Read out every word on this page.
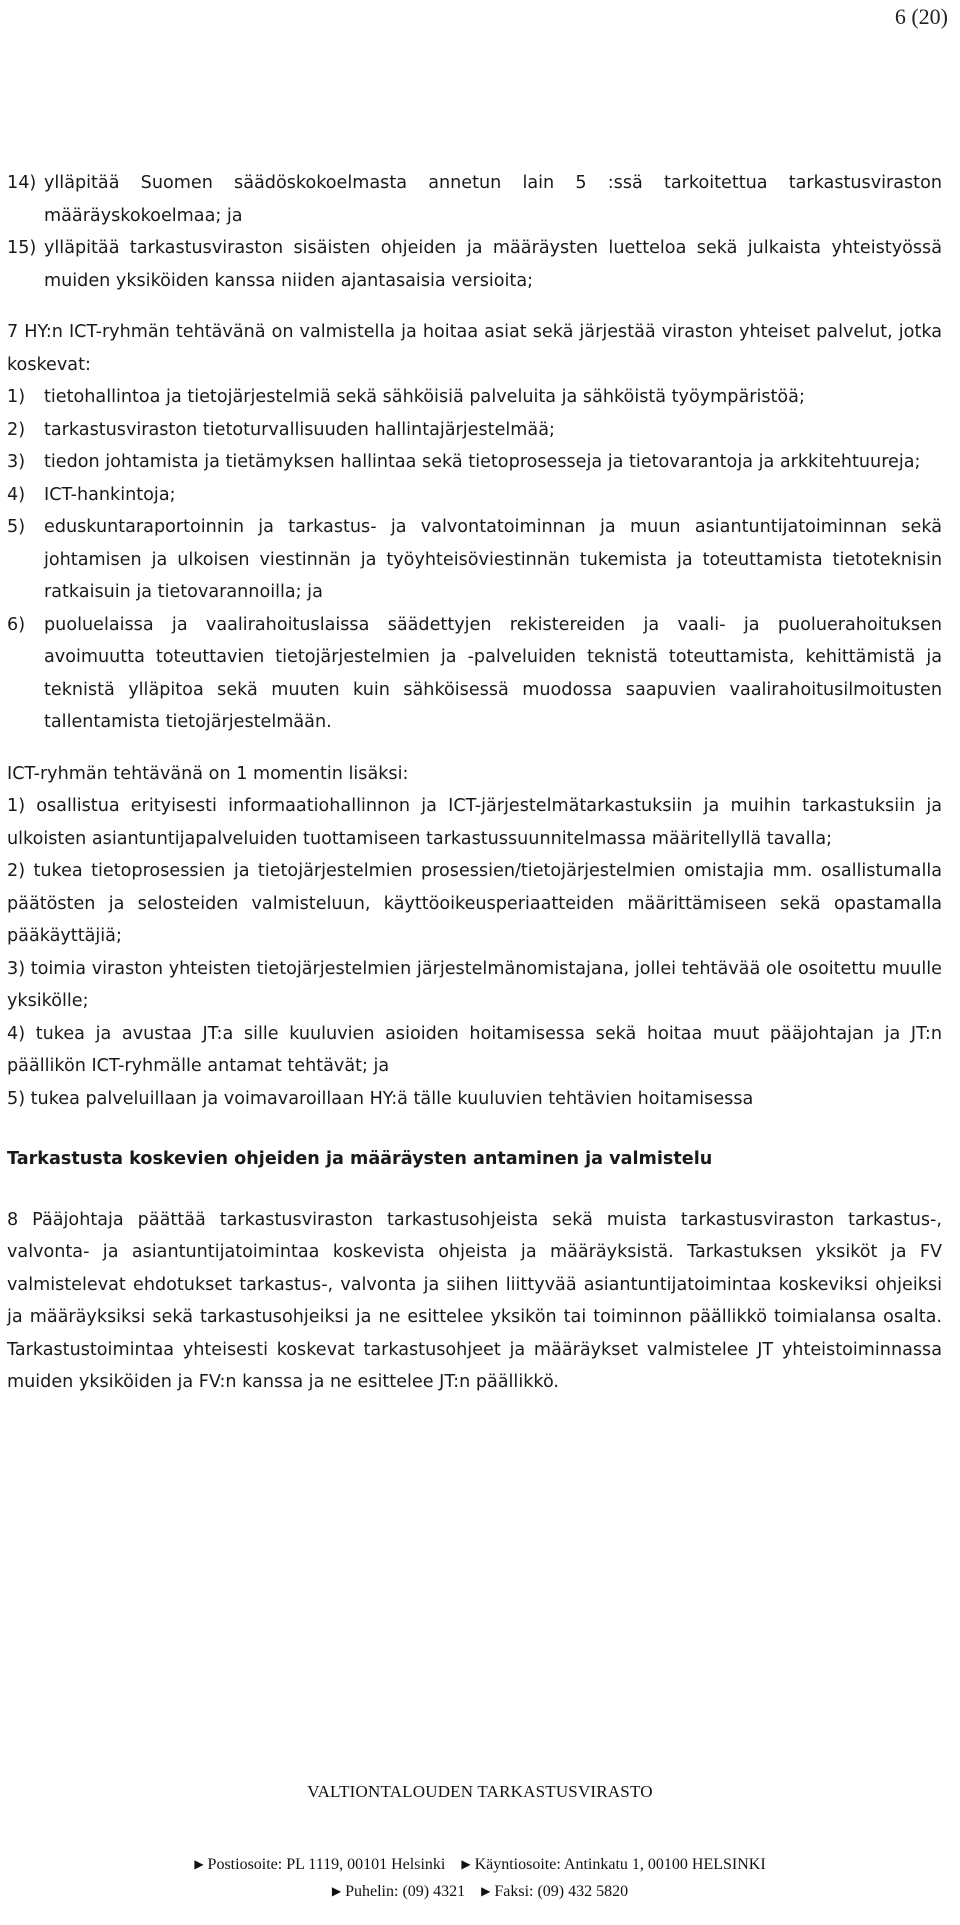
6 (20)
14) ylläpitää Suomen säädöskokoelmasta annetun lain 5 :ssä tarkoitettua tarkastusviraston määräyskokoelmaa; ja
15) ylläpitää tarkastusviraston sisäisten ohjeiden ja määräysten luetteloa sekä julkaista yhteistyössä muiden yksiköiden kanssa niiden ajantasaisia versioita;

7 HY:n ICT-ryhmän tehtävänä on valmistella ja hoitaa asiat sekä järjestää viraston yhteiset palvelut, jotka koskevat:

1)	tietohallintoa ja tietojärjestelmiä sekä sähköisiä palveluita ja sähköistä työympäristöä;
2)	tarkastusviraston tietoturvallisuuden hallintajärjestelmää;
3)	tiedon johtamista ja tietämyksen hallintaa sekä tietoprosesseja ja tietovarantoja ja arkkitehtuureja;
4)	ICT-hankintoja;
5)	eduskuntaraportoinnin ja tarkastus- ja valvontatoiminnan ja muun asiantuntijatoiminnan sekä johtamisen ja ulkoisen viestinnän ja työyhteisöviestinnän tukemista ja toteuttamista tietoteknisin ratkaisuin ja tietovarannoilla; ja
6)	puoluelaissa ja vaalirahoituslaissa säädettyjen rekistereiden ja vaali- ja puoluerahoituksen avoimuutta toteuttavien tietojärjestelmien ja -palveluiden teknistä toteuttamista, kehittämistä ja teknistä ylläpitoa sekä muuten kuin sähköisessä muodossa saapuvien vaalirahoitusilmoitusten tallentamista tietojärjestelmään.

ICT-ryhmän tehtävänä on 1 momentin lisäksi:

1) osallistua erityisesti informaatiohallinnon ja ICT-järjestelmätarkastuksiin ja muihin tarkastuksiin ja ulkoisten asiantuntijapalveluiden tuottamiseen tarkastussuunnitelmassa määritellyllä tavalla;

2) tukea tietoprosessien ja tietojärjestelmien prosessien/tietojärjestelmien omistajia mm. osallistumalla päätösten ja selosteiden valmisteluun, käyttöoikeusperiaatteiden määrittämiseen sekä opastamalla pääkäyttäjiä;

3) toimia viraston yhteisten tietojärjestelmien järjestelmänomistajana, jollei tehtävää ole osoitettu muulle yksikölle;

4) tukea ja avustaa JT:a sille kuuluvien asioiden hoitamisessa sekä hoitaa muut pääjohtajan ja JT:n päällikön ICT-ryhmälle antamat tehtävät; ja

5) tukea palveluillaan ja voimavaroillaan HY:ä tälle kuuluvien tehtävien hoitamisessa

Tarkastusta koskevien ohjeiden ja määräysten antaminen ja valmistelu

8 Pääjohtaja päättää tarkastusviraston tarkastusohjeista sekä muista tarkastusviraston tarkastus-, valvonta- ja asiantuntijatoimintaa koskevista ohjeista ja määräyksistä. Tarkastuksen yksiköt ja FV valmistelevat ehdotukset tarkastus-, valvonta ja siihen liittyvää asiantuntijatoimintaa koskeviksi ohjeiksi ja määräyksiksi sekä tarkastusohjeiksi ja ne esittelee yksikön tai toiminnon päällikkö toimialansa osalta. Tarkastustoimintaa yhteisesti koskevat tarkastusohjeet ja määräykset valmistelee JT yhteistoiminnassa muiden yksiköiden ja FV:n kanssa ja ne esittelee JT:n päällikkö.

VALTIONTALOUDEN TARKASTUSVIRASTO
▶ Postiosoite: PL 1119, 00101 Helsinki ▶ Käyntiosoite: Antinkatu 1, 00100 HELSINKI
▶ Puhelin: (09) 4321 ▶ Faksi: (09) 432 5820
